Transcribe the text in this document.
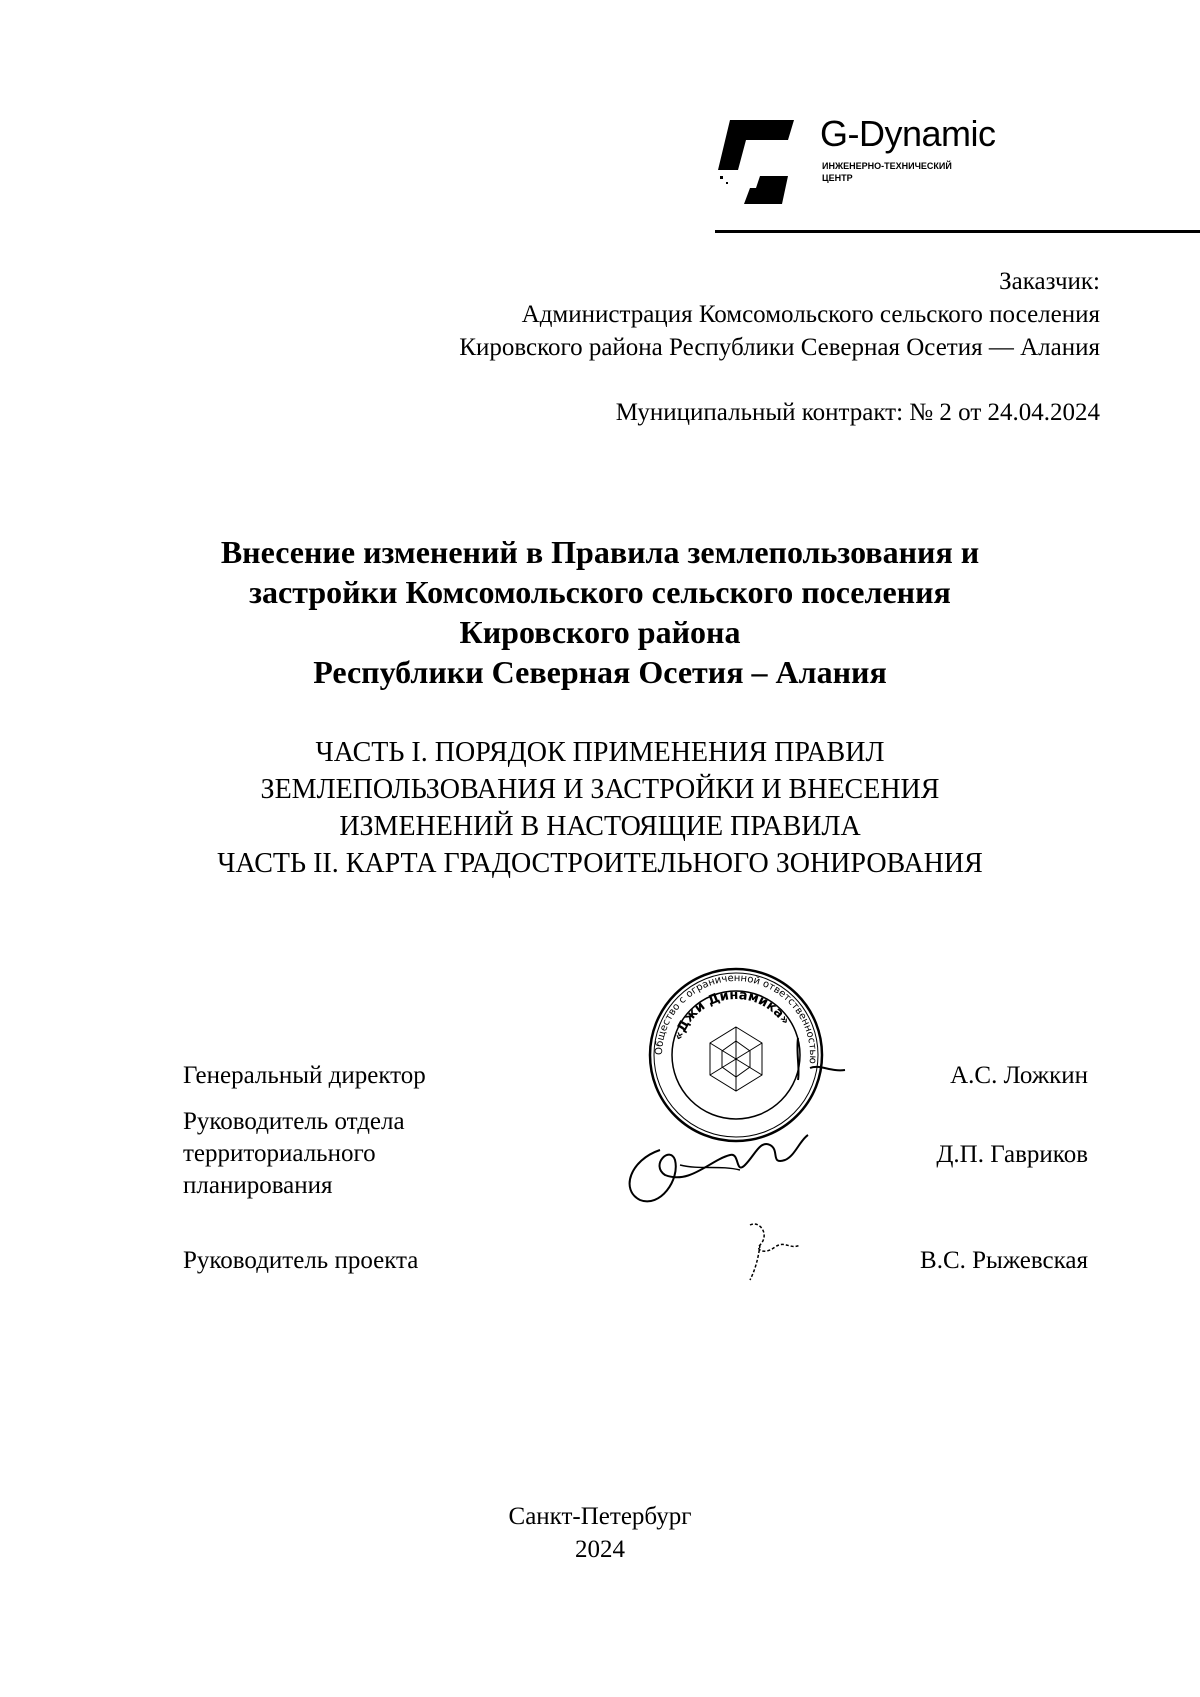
G-Dynamic
ИНЖЕНЕРНО-ТЕХНИЧЕСКИЙ
ЦЕНТР
Заказчик:
Администрация Комсомольского сельского поселения
Кировского района Республики Северная Осетия — Алания
Муниципальный контракт: № 2 от 24.04.2024
Внесение изменений в Правила землепользования и
застройки Комсомольского сельского поселения
Кировского района
Республики Северная Осетия – Алания
ЧАСТЬ I. ПОРЯДОК ПРИМЕНЕНИЯ ПРАВИЛ
ЗЕМЛЕПОЛЬЗОВАНИЯ И ЗАСТРОЙКИ И ВНЕСЕНИЯ
ИЗМЕНЕНИЙ В НАСТОЯЩИЕ ПРАВИЛА
ЧАСТЬ II. КАРТА ГРАДОСТРОИТЕЛЬНОГО ЗОНИРОВАНИЯ
Генеральный директор
Руководитель отдела
территориального
планирования
Руководитель проекта
А.С. Ложкин
Д.П. Гавриков
В.С. Рыжевская
Общество с ограниченной ответственностью
«Джи Динамика»
Санкт-Петербург
2024
